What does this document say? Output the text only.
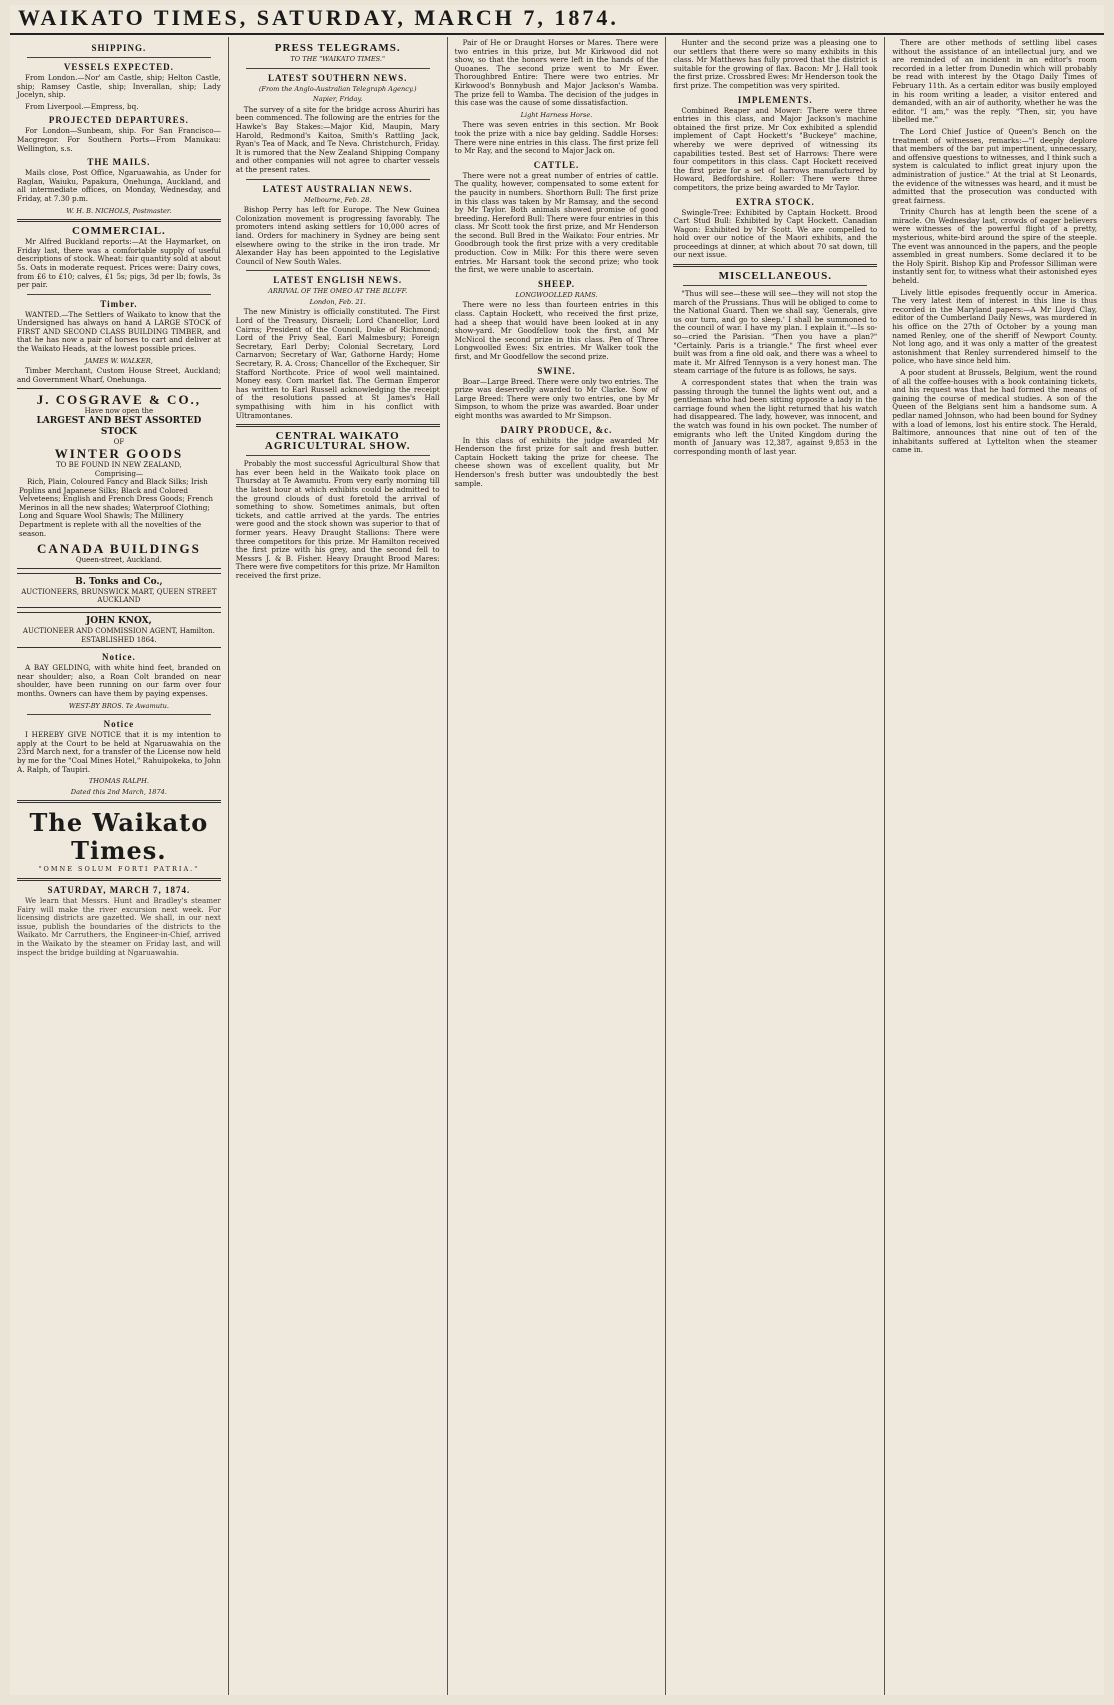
WAIKATO TIMES, SATURDAY, MARCH 7, 1874.
SHIPPING.
VESSELS EXPECTED.

From London.—Nor' am Castle, ship; Helton Castle, ship; Ramsey Castle, ship; Inverallan, ship; Lady Jocelyn, ship.

From Liverpool.—Empress, bq.

PROJECTED DEPARTURES.

For London—Sunbeam, ship. For San Francisco—Macgregor. For Southern Ports—From Manukau: Wellington, s.s.

THE MAILS.

Mails close, Post Office, Ngaruawahia, as Under for Raglan, Waiuku, Papakura, Onehunga, Auckland, and all intermediate offices, on Monday, Wednesday, and Friday, at 7.30 p.m.

W. H. B. NICHOLS, Postmaster.
COMMERCIAL.

Mr Alfred Buckland reports:—At the Haymarket, on Friday last, there was a comfortable supply of useful descriptions of stock. Wheat: fair quantity sold at about 5s. Oats in moderate request. Prices were: Dairy cows, from £6 to £10; calves, £1 5s; pigs, 3d per lb; fowls, 3s per pair.

Timber.

WANTED.—The Settlers of Waikato to know that the Undersigned has always on hand A LARGE STOCK of FIRST AND SECOND CLASS BUILDING TIMBER, and that he has now a pair of horses to cart and deliver at the Waikato Heads, at the lowest possible prices.

JAMES W. WALKER,

Timber Merchant, Custom House Street, Auckland; and Government Wharf, Onehunga.

J. COSGRAVE & CO.,
Have now open the
LARGEST AND BEST ASSORTED STOCK
OF
WINTER GOODS
TO BE FOUND IN NEW ZEALAND,
Comprising—

Rich, Plain, Coloured Fancy and Black Silks; Irish Poplins and Japanese Silks; Black and Colored Velveteens; English and French Dress Goods; French Merinos in all the new shades; Waterproof Clothing; Long and Square Wool Shawls; The Millinery Department is replete with all the novelties of the season.

CANADA BUILDINGS
Queen-street, Auckland.
B. Tonks and Co.,
AUCTIONEERS, BRUNSWICK MART, QUEEN STREET AUCKLAND
JOHN KNOX,
AUCTIONEER AND COMMISSION AGENT, Hamilton.
ESTABLISHED 1864.
Notice.

A BAY GELDING, with white hind feet, branded on near shoulder; also, a Roan Colt branded on near shoulder, have been running on our farm over four months. Owners can have them by paying expenses.

WEST-BY BROS. Te Awamutu.
Notice

I HEREBY GIVE NOTICE that it is my intention to apply at the Court to be held at Ngaruawahia on the 23rd March next, for a transfer of the License now held by me for the "Coal Mines Hotel," Rahuipokeka, to John A. Ralph, of Taupiri.

THOMAS RALPH.
Dated this 2nd March, 1874.
The Waikato Times.
"OMNE SOLUM FORTI PATRIA."
SATURDAY, MARCH 7, 1874.

We learn that Messrs. Hunt and Bradley's steamer Fairy will make the river excursion next week. For licensing districts are gazetted. We shall, in our next issue, publish the boundaries of the districts to the Waikato. Mr Carruthers, the Engineer-in-Chief, arrived in the Waikato by the steamer on Friday last, and will inspect the bridge building at Ngaruawahia.

PRESS TELEGRAMS.
TO THE "WAIKATO TIMES."
LATEST SOUTHERN NEWS.
(From the Anglo-Australian Telegraph Agency.)
Napier, Friday.

The survey of a site for the bridge across Ahuriri has been commenced. The following are the entries for the Hawke's Bay Stakes:—Major Kid, Maupin, Mary Harold, Redmond's Kaitoa, Smith's Rattling Jack, Ryan's Tea of Mack, and Te Neva. Christchurch, Friday. It is rumored that the New Zealand Shipping Company and other companies will not agree to charter vessels at the present rates.

LATEST AUSTRALIAN NEWS.
Melbourne, Feb. 28.

Bishop Perry has left for Europe. The New Guinea Colonization movement is progressing favorably. The promoters intend asking settlers for 10,000 acres of land. Orders for machinery in Sydney are being sent elsewhere owing to the strike in the iron trade. Mr Alexander Hay has been appointed to the Legislative Council of New South Wales.

LATEST ENGLISH NEWS.
ARRIVAL OF THE OMEO AT THE BLUFF.
London, Feb. 21.

The new Ministry is officially constituted. The First Lord of the Treasury, Disraeli; Lord Chancellor, Lord Cairns; President of the Council, Duke of Richmond; Lord of the Privy Seal, Earl Malmesbury; Foreign Secretary, Earl Derby; Colonial Secretary, Lord Carnarvon; Secretary of War, Gathorne Hardy; Home Secretary, R. A. Cross; Chancellor of the Exchequer, Sir Stafford Northcote. Price of wool well maintained. Money easy. Corn market flat. The German Emperor has written to Earl Russell acknowledging the receipt of the resolutions passed at St James's Hall sympathising with him in his conflict with Ultramontanes.

CENTRAL WAIKATO AGRICULTURAL SHOW.

Probably the most successful Agricultural Show that has ever been held in the Waikato took place on Thursday at Te Awamutu. From very early morning till the latest hour at which exhibits could be admitted to the ground clouds of dust foretold the arrival of something to show. Sometimes animals, but often tickets, and cattle arrived at the yards. The entries were good and the stock shown was superior to that of former years. Heavy Draught Stallions: There were three competitors for this prize. Mr Hamilton received the first prize with his grey, and the second fell to Messrs J. & B. Fisher. Heavy Draught Brood Mares: There were five competitors for this prize. Mr Hamilton received the first prize.

Pair of He or Draught Horses or Mares. There were two entries in this prize, but Mr Kirkwood did not show, so that the honors were left in the hands of the Quoanes. The second prize went to Mr Ewer. Thoroughbred Entire: There were two entries. Mr Kirkwood's Bonnybush and Major Jackson's Wamba. The prize fell to Wamba. The decision of the judges in this case was the cause of some dissatisfaction.

Light Harness Horse.

There was seven entries in this section. Mr Book took the prize with a nice bay gelding. Saddle Horses: There were nine entries in this class. The first prize fell to Mr Ray, and the second to Major Jack on.

CATTLE.

There were not a great number of entries of cattle. The quality, however, compensated to some extent for the paucity in numbers. Shorthorn Bull: The first prize in this class was taken by Mr Ramsay, and the second by Mr Taylor. Both animals showed promise of good breeding. Hereford Bull: There were four entries in this class. Mr Scott took the first prize, and Mr Henderson the second. Bull Bred in the Waikato: Four entries. Mr Goodbrough took the first prize with a very creditable production. Cow in Milk: For this there were seven entries. Mr Harsant took the second prize; who took the first, we were unable to ascertain.

SHEEP.
LONGWOOLLED RAMS.

There were no less than fourteen entries in this class. Captain Hockett, who received the first prize, had a sheep that would have been looked at in any show-yard. Mr Goodfellow took the first, and Mr McNicol the second prize in this class. Pen of Three Longwoolled Ewes: Six entries. Mr Walker took the first, and Mr Goodfellow the second prize.

SWINE.

Boar—Large Breed. There were only two entries. The prize was deservedly awarded to Mr Clarke. Sow of Large Breed: There were only two entries, one by Mr Simpson, to whom the prize was awarded. Boar under eight months was awarded to Mr Simpson.

DAIRY PRODUCE, &c.

In this class of exhibits the judge awarded Mr Henderson the first prize for salt and fresh butter. Captain Hockett taking the prize for cheese. The cheese shown was of excellent quality, but Mr Henderson's fresh butter was undoubtedly the best sample.

Hunter and the second prize was a pleasing one to our settlers that there were so many exhibits in this class. Mr Matthews has fully proved that the district is suitable for the growing of flax. Bacon: Mr J. Hall took the first prize. Crossbred Ewes: Mr Henderson took the first prize. The competition was very spirited.

IMPLEMENTS.

Combined Reaper and Mower: There were three entries in this class, and Major Jackson's machine obtained the first prize. Mr Cox exhibited a splendid implement of Capt Hockett's "Buckeye" machine, whereby we were deprived of witnessing its capabilities tested. Best set of Harrows: There were four competitors in this class. Capt Hockett received the first prize for a set of harrows manufactured by Howard, Bedfordshire. Roller: There were three competitors, the prize being awarded to Mr Taylor.

EXTRA STOCK.

Swingle-Tree: Exhibited by Captain Hockett. Brood Cart Stud Bull: Exhibited by Capt Hockett. Canadian Wagon: Exhibited by Mr Scott. We are compelled to hold over our notice of the Maori exhibits, and the proceedings at dinner, at which about 70 sat down, till our next issue.

MISCELLANEOUS.

"Thus will see—these will see—they will not stop the march of the Prussians. Thus will be obliged to come to the National Guard. Then we shall say, 'Generals, give us our turn, and go to sleep.' I shall be summoned to the council of war. I have my plan. I explain it."—Is so-so—cried the Parisian. "Then you have a plan?" "Certainly. Paris is a triangle." The first wheel ever built was from a fine old oak, and there was a wheel to mate it. Mr Alfred Tennyson is a very honest man. The steam carriage of the future is as follows, he says.

A correspondent states that when the train was passing through the tunnel the lights went out, and a gentleman who had been sitting opposite a lady in the carriage found when the light returned that his watch had disappeared. The lady, however, was innocent, and the watch was found in his own pocket. The number of emigrants who left the United Kingdom during the month of January was 12,387, against 9,853 in the corresponding month of last year.

There are other methods of settling libel cases without the assistance of an intellectual jury, and we are reminded of an incident in an editor's room recorded in a letter from Dunedin which will probably be read with interest by the Otago Daily Times of February 11th. As a certain editor was busily employed in his room writing a leader, a visitor entered and demanded, with an air of authority, whether he was the editor. "I am," was the reply. "Then, sir, you have libelled me."

The Lord Chief Justice of Queen's Bench on the treatment of witnesses, remarks:—"I deeply deplore that members of the bar put impertinent, unnecessary, and offensive questions to witnesses, and I think such a system is calculated to inflict great injury upon the administration of justice." At the trial at St Leonards, the evidence of the witnesses was heard, and it must be admitted that the prosecution was conducted with great fairness.

Trinity Church has at length been the scene of a miracle. On Wednesday last, crowds of eager believers were witnesses of the powerful flight of a pretty, mysterious, white-bird around the spire of the steeple. The event was announced in the papers, and the people assembled in great numbers. Some declared it to be the Holy Spirit. Bishop Kip and Professor Silliman were instantly sent for, to witness what their astonished eyes beheld.

Lively little episodes frequently occur in America. The very latest item of interest in this line is thus recorded in the Maryland papers:—A Mr Lloyd Clay, editor of the Cumberland Daily News, was murdered in his office on the 27th of October by a young man named Renley, one of the sheriff of Newport County. Not long ago, and it was only a matter of the greatest astonishment that Renley surrendered himself to the police, who have since held him.

A poor student at Brussels, Belgium, went the round of all the coffee-houses with a book containing tickets, and his request was that he had formed the means of gaining the course of medical studies. A son of the Queen of the Belgians sent him a handsome sum. A pedlar named Johnson, who had been bound for Sydney with a load of lemons, lost his entire stock. The Herald, Baltimore, announces that nine out of ten of the inhabitants suffered at Lyttelton when the steamer came in.
